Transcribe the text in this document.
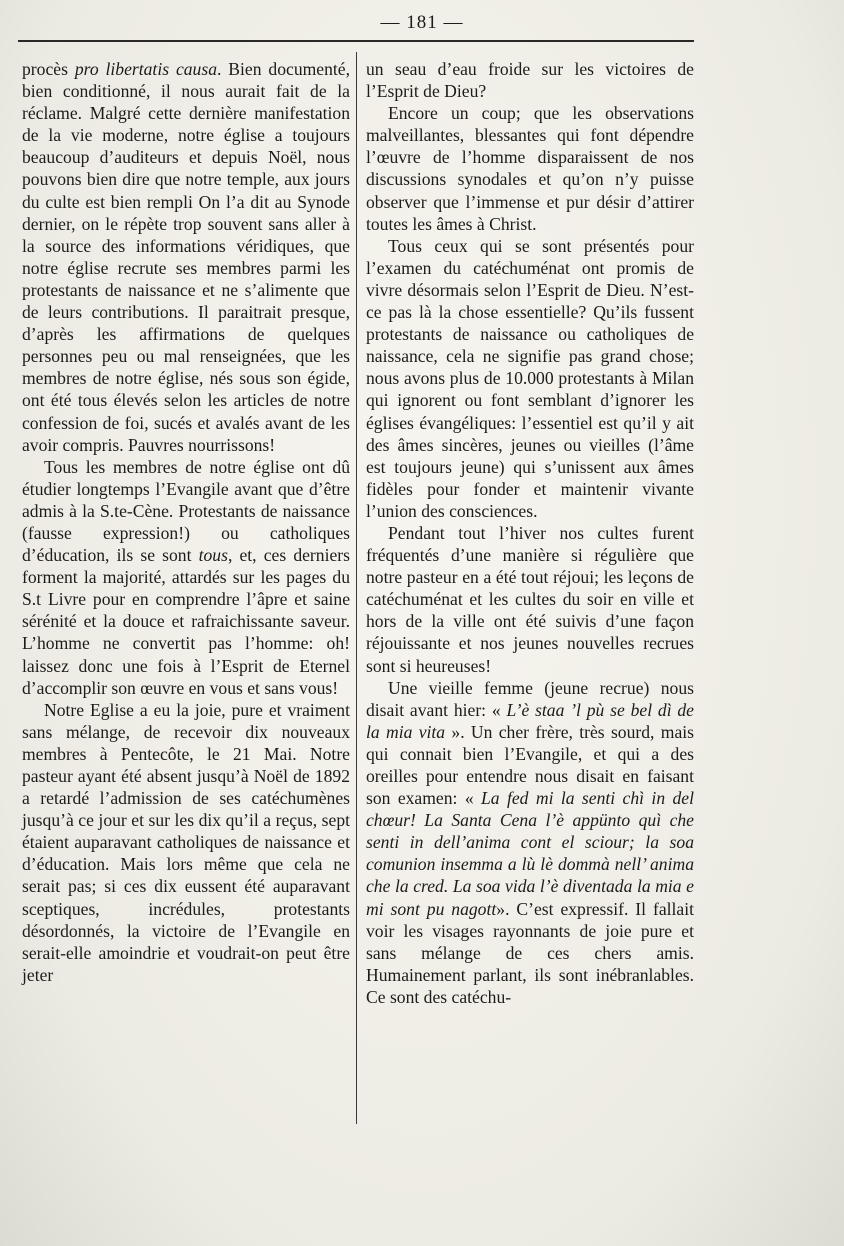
— 181 —

procès pro libertatis causa. Bien documenté, bien conditionné, il nous aurait fait de la réclame. Malgré cette dernière manifestation de la vie moderne, notre église a toujours beaucoup d’auditeurs et depuis Noël, nous pouvons bien dire que notre temple, aux jours du culte est bien rempli On l’a dit au Synode dernier, on le répète trop souvent sans aller à la source des informations véridiques, que notre église recrute ses membres parmi les protestants de naissance et ne s’alimente que de leurs contributions. Il paraitrait presque, d’après les affirmations de quelques personnes peu ou mal renseignées, que les membres de notre église, nés sous son égide, ont été tous élevés selon les articles de notre confession de foi, sucés et avalés avant de les avoir compris. Pauvres nourrissons!

Tous les membres de notre église ont dû étudier longtemps l’Evangile avant que d’être admis à la S.te-Cène. Protestants de naissance (fausse expression!) ou catholiques d’éducation, ils se sont tous, et, ces derniers forment la majorité, attardés sur les pages du S.t Livre pour en comprendre l’âpre et saine sérénité et la douce et rafraichissante saveur. L’homme ne convertit pas l’homme: oh! laissez donc une fois à l’Esprit de Eternel d’accomplir son œuvre en vous et sans vous!

Notre Eglise a eu la joie, pure et vraiment sans mélange, de recevoir dix nouveaux membres à Pentecôte, le 21 Mai. Notre pasteur ayant été absent jusqu’à Noël de 1892 a retardé l’admission de ses catéchumènes jusqu’à ce jour et sur les dix qu’il a reçus, sept étaient auparavant catholiques de naissance et d’éducation. Mais lors même que cela ne serait pas; si ces dix eussent été auparavant sceptiques, incrédules, protestants désordonnés, la victoire de l’Evangile en serait-elle amoindrie et voudrait-on peut être jeter

un seau d’eau froide sur les victoires de l’Esprit de Dieu?

Encore un coup; que les observations malveillantes, blessantes qui font dépendre l’œuvre de l’homme disparaissent de nos discussions synodales et qu’on n’y puisse observer que l’immense et pur désir d’attirer toutes les âmes à Christ.

Tous ceux qui se sont présentés pour l’examen du catéchuménat ont promis de vivre désormais selon l’Esprit de Dieu. N’est-ce pas là la chose essentielle? Qu’ils fussent protestants de naissance ou catholiques de naissance, cela ne signifie pas grand chose; nous avons plus de 10.000 protestants à Milan qui ignorent ou font semblant d’ignorer les églises évangéliques: l’essentiel est qu’il y ait des âmes sincères, jeunes ou vieilles (l’âme est toujours jeune) qui s’unissent aux âmes fidèles pour fonder et maintenir vivante l’union des consciences.

Pendant tout l’hiver nos cultes furent fréquentés d’une manière si régulière que notre pasteur en a été tout réjoui; les leçons de catéchuménat et les cultes du soir en ville et hors de la ville ont été suivis d’une façon réjouissante et nos jeunes nouvelles recrues sont si heureuses!

Une vieille femme (jeune recrue) nous disait avant hier: « L’è staa ’l pù se bel dì de la mia vita ». Un cher frère, très sourd, mais qui connait bien l’Evangile, et qui a des oreilles pour entendre nous disait en faisant son examen: « La fed mi la senti chì in del chœur! La Santa Cena l’è appünto quì che senti in dell’anima cont el sciour; la soa comunion insemma a lù lè dommà nell’ anima che la cred. La soa vida l’è diventada la mia e mi sont pu nagott». C’est expressif. Il fallait voir les visages rayonnants de joie pure et sans mélange de ces chers amis. Humainement parlant, ils sont inébranlables. Ce sont des catéchu-
